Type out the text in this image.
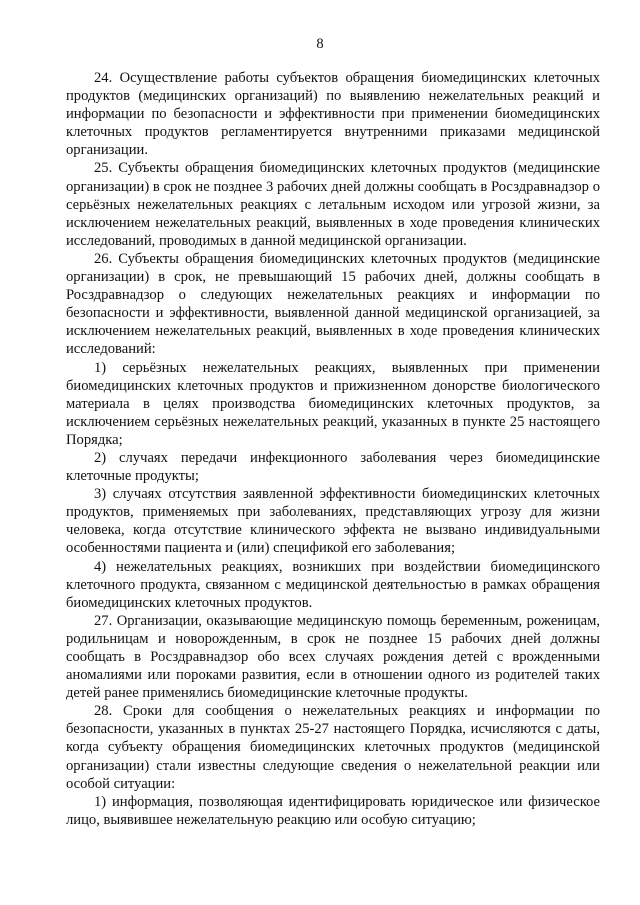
8

24. Осуществление работы субъектов обращения биомедицинских клеточных продуктов (медицинских организаций) по выявлению нежелательных реакций и информации по безопасности и эффективности при применении биомедицинских клеточных продуктов регламентируется внутренними приказами медицинской организации.

25. Субъекты обращения биомедицинских клеточных продуктов (медицинские организации) в срок не позднее 3 рабочих дней должны сообщать в Росздравнадзор о серьёзных нежелательных реакциях с летальным исходом или угрозой жизни, за исключением нежелательных реакций, выявленных в ходе проведения клинических исследований, проводимых в данной медицинской организации.

26. Субъекты обращения биомедицинских клеточных продуктов (медицинские организации) в срок, не превышающий 15 рабочих дней, должны сообщать в Росздравнадзор о следующих нежелательных реакциях и информации по безопасности и эффективности, выявленной данной медицинской организацией, за исключением нежелательных реакций, выявленных в ходе проведения клинических исследований:

1) серьёзных нежелательных реакциях, выявленных при применении биомедицинских клеточных продуктов и прижизненном донорстве биологического материала в целях производства биомедицинских клеточных продуктов, за исключением серьёзных нежелательных реакций, указанных в пункте 25 настоящего Порядка;

2) случаях передачи инфекционного заболевания через биомедицинские клеточные продукты;

3) случаях отсутствия заявленной эффективности биомедицинских клеточных продуктов, применяемых при заболеваниях, представляющих угрозу для жизни человека, когда отсутствие клинического эффекта не вызвано индивидуальными особенностями пациента и (или) спецификой его заболевания;

4) нежелательных реакциях, возникших при воздействии биомедицинского клеточного продукта, связанном с медицинской деятельностью в рамках обращения биомедицинских клеточных продуктов.

27. Организации, оказывающие медицинскую помощь беременным, роженицам, родильницам и новорожденным, в срок не позднее 15 рабочих дней должны сообщать в Росздравнадзор обо всех случаях рождения детей с врожденными аномалиями или пороками развития, если в отношении одного из родителей таких детей ранее применялись биомедицинские клеточные продукты.

28. Сроки для сообщения о нежелательных реакциях и информации по безопасности, указанных в пунктах 25-27 настоящего Порядка, исчисляются с даты, когда субъекту обращения биомедицинских клеточных продуктов (медицинской организации) стали известны следующие сведения о нежелательной реакции или особой ситуации:

1) информация, позволяющая идентифицировать юридическое или физическое лицо, выявившее нежелательную реакцию или особую ситуацию;
